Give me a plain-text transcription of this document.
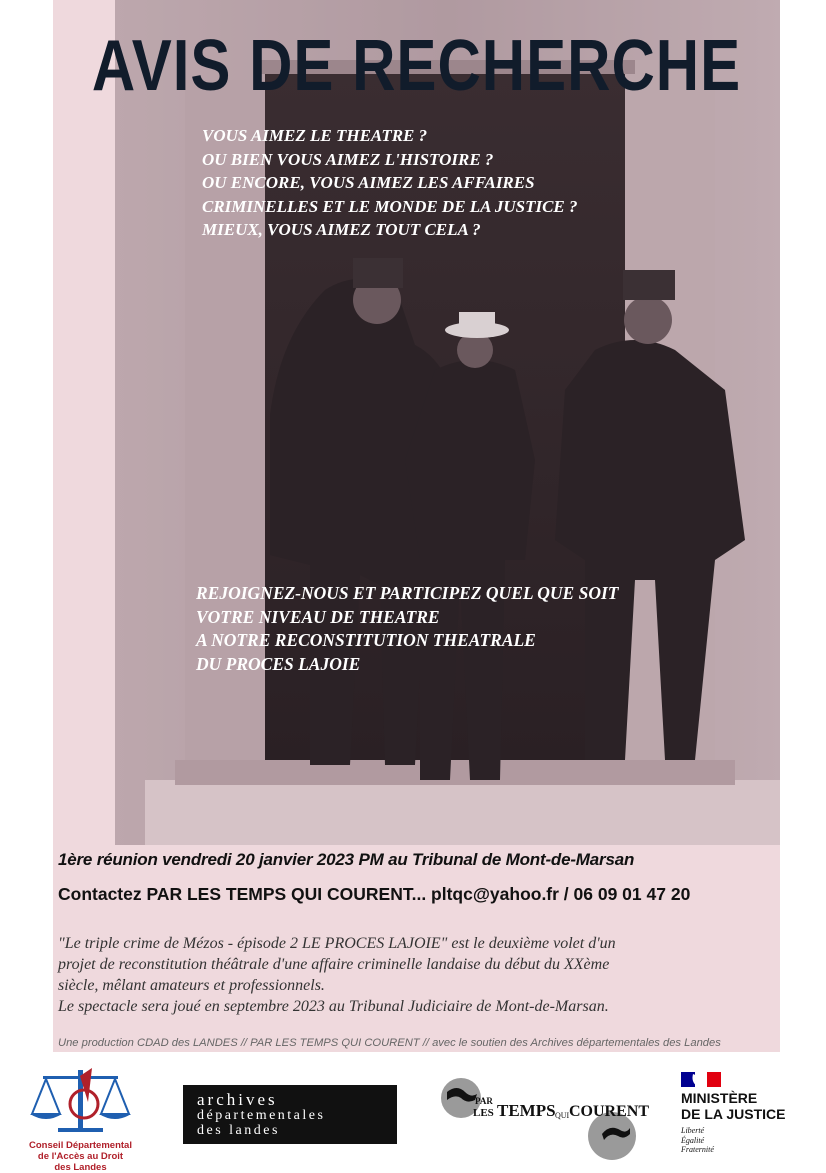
AVIS DE RECHERCHE
VOUS AIMEZ LE THEATRE ?
OU BIEN VOUS AIMEZ L'HISTOIRE ?
OU ENCORE, VOUS AIMEZ LES AFFAIRES
CRIMINELLES ET LE MONDE DE LA JUSTICE ?
MIEUX, VOUS AIMEZ TOUT CELA ?
REJOIGNEZ-NOUS ET PARTICIPEZ QUEL QUE SOIT
VOTRE NIVEAU DE THEATRE
A NOTRE RECONSTITUTION THEATRALE
DU PROCES LAJOIE
1ère réunion vendredi 20 janvier 2023 PM au Tribunal de Mont-de-Marsan
Contactez PAR LES TEMPS QUI COURENT... pltqc@yahoo.fr / 06 09 01 47 20

"Le triple crime de Mézos - épisode 2 LE PROCES LAJOIE" est le deuxième volet d'un
projet de reconstitution théâtrale d'une affaire criminelle landaise du début du XXème
siècle, mêlant amateurs et professionnels.
Le spectacle sera joué en septembre 2023 au Tribunal Judiciaire de Mont-de-Marsan.

Une production CDAD des LANDES // PAR LES TEMPS QUI COURENT // avec le soutien des Archives départementales des Landes
Conseil Départemental
de l'Accès au Droit
des Landes
archives
départementales
des landes
PAR
LES TEMPS QUI COURENT
MINISTÈRE
DE LA JUSTICE
Liberté
Égalité
Fraternité
